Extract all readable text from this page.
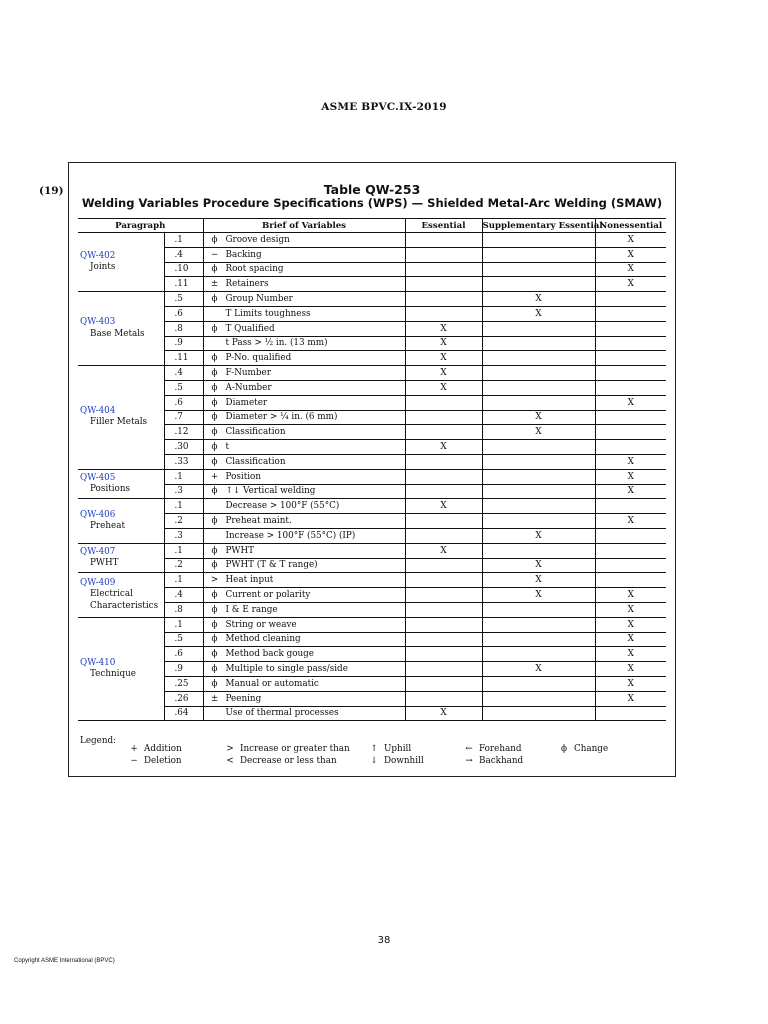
ASME BPVC.IX-2019
(19)	Table QW-253
Welding Variables Procedure Specifications (WPS) — Shielded Metal-Arc Welding (SMAW)
Paragraph		Brief of Variables	Essential	Supplementary Essential	Nonessential

QW-402
Joints	.1	ϕ Groove design			X
	.4	− Backing			X
	.10	ϕ Root spacing			X
	.11	± Retainers			X

QW-403
Base Metals	.5	ϕ Group Number		X	
	.6	T Limits toughness		X	
	.8	ϕ T Qualified	X		
	.9	t Pass > ½ in. (13 mm)	X		
	.11	ϕ P-No. qualified	X		

QW-404
Filler Metals	.4	ϕ F-Number	X		
	.5	ϕ A-Number	X		
	.6	ϕ Diameter			X
	.7	ϕ Diameter > ¼ in. (6 mm)		X	
	.12	ϕ Classification		X	
	.30	ϕ t	X		
	.33	ϕ Classification			X

QW-405
Positions	.1	+ Position			X
	.3	ϕ ↑↓ Vertical welding			X

QW-406
Preheat	.1	Decrease > 100°F (55°C)	X		
	.2	ϕ Preheat maint.			X
	.3	Increase > 100°F (55°C) (IP)		X	

QW-407
PWHT	.1	ϕ PWHT	X		
	.2	ϕ PWHT (T & T range)		X	

QW-409
Electrical
Characteristics	.1	> Heat input		X	
	.4	ϕ Current or polarity		X	X
	.8	ϕ I & E range			X

QW-410
Technique	.1	ϕ String or weave			X
	.5	ϕ Method cleaning			X
	.6	ϕ Method back gouge			X
	.9	ϕ Multiple to single pass/side		X	X
	.25	ϕ Manual or automatic			X
	.26	± Peening			X
	.64	Use of thermal processes	X		
Legend:
+ Addition
− Deletion
> Increase or greater than
< Decrease or less than
↑ Uphill
↓ Downhill
← Forehand
→ Backhand
ϕ Change
38
Copyright ASME International (BPVC)
